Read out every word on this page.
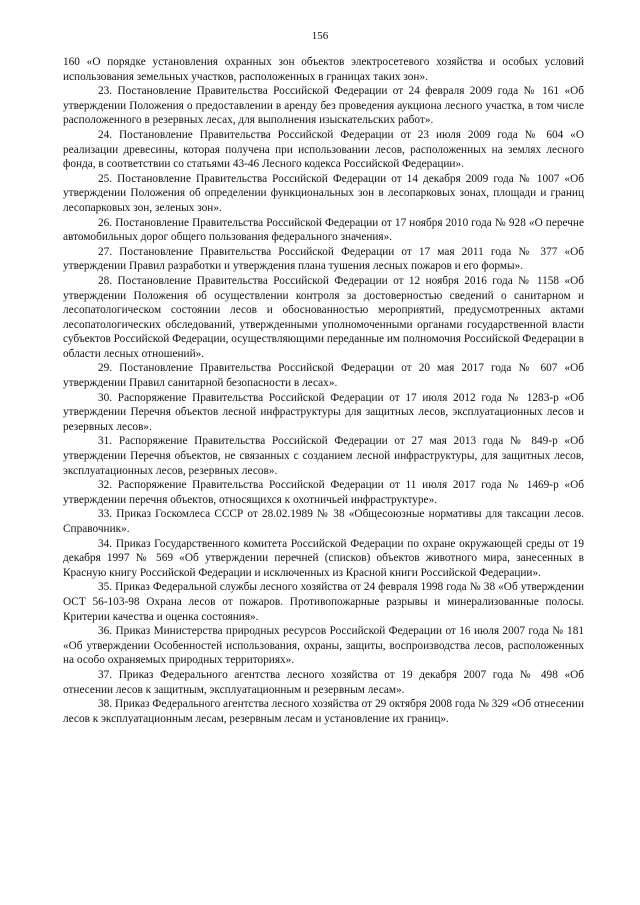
156

160 «О порядке установления охранных зон объектов электросетевого хозяйства и особых условий использования земельных участков, расположенных в границах таких зон».

23. Постановление Правительства Российской Федерации от 24 февраля 2009 года № 161 «Об утверждении Положения о предоставлении в аренду без проведения аукциона лесного участка, в том числе расположенного в резервных лесах, для выполнения изыскательских работ».

24. Постановление Правительства Российской Федерации от 23 июля 2009 года № 604 «О реализации древесины, которая получена при использовании лесов, расположенных на землях лесного фонда, в соответствии со статьями 43-46 Лесного кодекса Российской Федерации».

25. Постановление Правительства Российской Федерации от 14 декабря 2009 года № 1007 «Об утверждении Положения об определении функциональных зон в лесопарковых зонах, площади и границ лесопарковых зон, зеленых зон».

26. Постановление Правительства Российской Федерации от 17 ноября 2010 года № 928 «О перечне автомобильных дорог общего пользования федерального значения».

27. Постановление Правительства Российской Федерации от 17 мая 2011 года № 377 «Об утверждении Правил разработки и утверждения плана тушения лесных пожаров и его формы».

28. Постановление Правительства Российской Федерации от 12 ноября 2016 года № 1158 «Об утверждении Положения об осуществлении контроля за достоверностью сведений о санитарном и лесопатологическом состоянии лесов и обоснованностью мероприятий, предусмотренных актами лесопатологических обследований, утвержденными уполномоченными органами государственной власти субъектов Российской Федерации, осуществляющими переданные им полномочия Российской Федерации в области лесных отношений».

29. Постановление Правительства Российской Федерации от 20 мая 2017 года № 607 «Об утверждении Правил санитарной безопасности в лесах».

30. Распоряжение Правительства Российской Федерации от 17 июля 2012 года № 1283-р «Об утверждении Перечня объектов лесной инфраструктуры для защитных лесов, эксплуатационных лесов и резервных лесов».

31. Распоряжение Правительства Российской Федерации от 27 мая 2013 года № 849-р «Об утверждении Перечня объектов, не связанных с созданием лесной инфраструктуры, для защитных лесов, эксплуатационных лесов, резервных лесов».

32. Распоряжение Правительства Российской Федерации от 11 июля 2017 года № 1469-р «Об утверждении перечня объектов, относящихся к охотничьей инфраструктуре».

33. Приказ Госкомлеса СССР от 28.02.1989 № 38 «Общесоюзные нормативы для таксации лесов. Справочник».

34. Приказ Государственного комитета Российской Федерации по охране окружающей среды от 19 декабря 1997 № 569 «Об утверждении перечней (списков) объектов животного мира, занесенных в Красную книгу Российской Федерации и исключенных из Красной книги Российской Федерации».

35. Приказ Федеральной службы лесного хозяйства от 24 февраля 1998 года № 38 «Об утверждении ОСТ 56-103-98 Охрана лесов от пожаров. Противопожарные разрывы и минерализованные полосы. Критерии качества и оценка состояния».

36. Приказ Министерства природных ресурсов Российской Федерации от 16 июля 2007 года № 181 «Об утверждении Особенностей использования, охраны, защиты, воспроизводства лесов, расположенных на особо охраняемых природных территориях».

37. Приказ Федерального агентства лесного хозяйства от 19 декабря 2007 года № 498 «Об отнесении лесов к защитным, эксплуатационным и резервным лесам».

38. Приказ Федерального агентства лесного хозяйства от 29 октября 2008 года № 329 «Об отнесении лесов к эксплуатационным лесам, резервным лесам и установление их границ».
